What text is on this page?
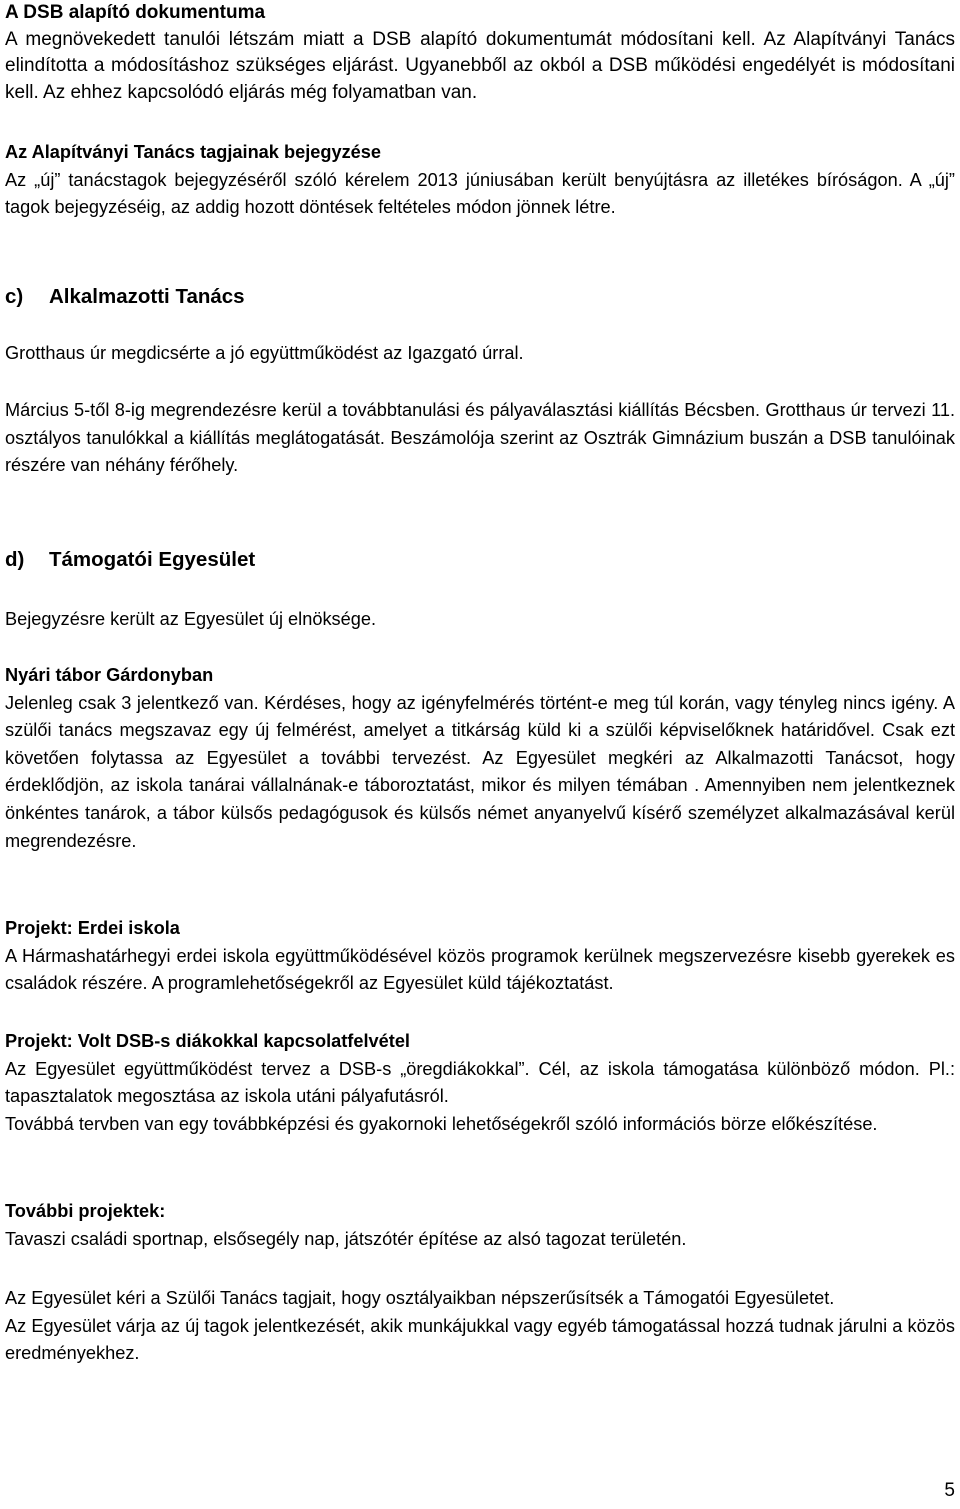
A DSB alapító dokumentuma

A megnövekedett tanulói létszám miatt a DSB alapító dokumentumát módosítani kell. Az Alapítványi Tanács elindította a módosításhoz szükséges eljárást. Ugyanebből az okból a DSB működési engedélyét is módosítani kell. Az ehhez kapcsolódó eljárás még folyamatban van.

Az Alapítványi Tanács tagjainak bejegyzése

Az „új” tanácstagok bejegyzéséről szóló kérelem 2013 júniusában került benyújtásra az illetékes bíróságon. A „új” tagok bejegyzéséig, az addig hozott döntések feltételes módon jönnek létre.

c)	Alkalmazotti Tanács

Grotthaus úr megdicsérte a jó együttműködést az Igazgató úrral.

Március 5-től 8-ig megrendezésre kerül a továbbtanulási és pályaválasztási kiállítás Bécsben. Grotthaus úr tervezi 11. osztályos tanulókkal a kiállítás meglátogatását. Beszámolója szerint az Osztrák Gimnázium buszán a DSB tanulóinak részére van néhány férőhely.

d)	Támogatói Egyesület

Bejegyzésre került az Egyesület új elnöksége.

Nyári tábor Gárdonyban

Jelenleg csak 3 jelentkező van. Kérdéses, hogy az igényfelmérés történt-e meg túl korán, vagy tényleg nincs igény. A szülői tanács megszavaz egy új felmérést, amelyet a titkárság küld ki a szülői képviselőknek határidővel. Csak ezt követően folytassa az Egyesület a további tervezést. Az Egyesület megkéri az Alkalmazotti Tanácsot, hogy érdeklődjön, az iskola tanárai vállalnának-e táboroztatást, mikor és milyen témában . Amennyiben nem jelentkeznek önkéntes tanárok, a tábor külsős pedagógusok és külsős német anyanyelvű kísérő személyzet alkalmazásával kerül megrendezésre.

Projekt: Erdei iskola

A Hármashatárhegyi erdei iskola együttműködésével közös programok kerülnek megszervezésre kisebb gyerekek es családok részére. A programlehetőségekről az Egyesület küld tájékoztatást.

Projekt: Volt DSB-s diákokkal kapcsolatfelvétel

Az Egyesület együttműködést tervez a DSB-s „öregdiákokkal”. Cél, az iskola támogatása különböző módon. Pl.: tapasztalatok megosztása az iskola utáni pályafutásról.

Továbbá tervben van egy továbbképzési és gyakornoki lehetőségekről szóló információs börze előkészítése.

További projektek:

Tavaszi családi sportnap, elsősegély nap, játszótér építése az alsó tagozat területén.

Az Egyesület kéri a Szülői Tanács tagjait, hogy osztályaikban népszerűsítsék a Támogatói Egyesületet.

Az Egyesület várja az új tagok jelentkezését, akik munkájukkal vagy egyéb támogatással hozzá tudnak járulni a közös eredményekhez.

5
